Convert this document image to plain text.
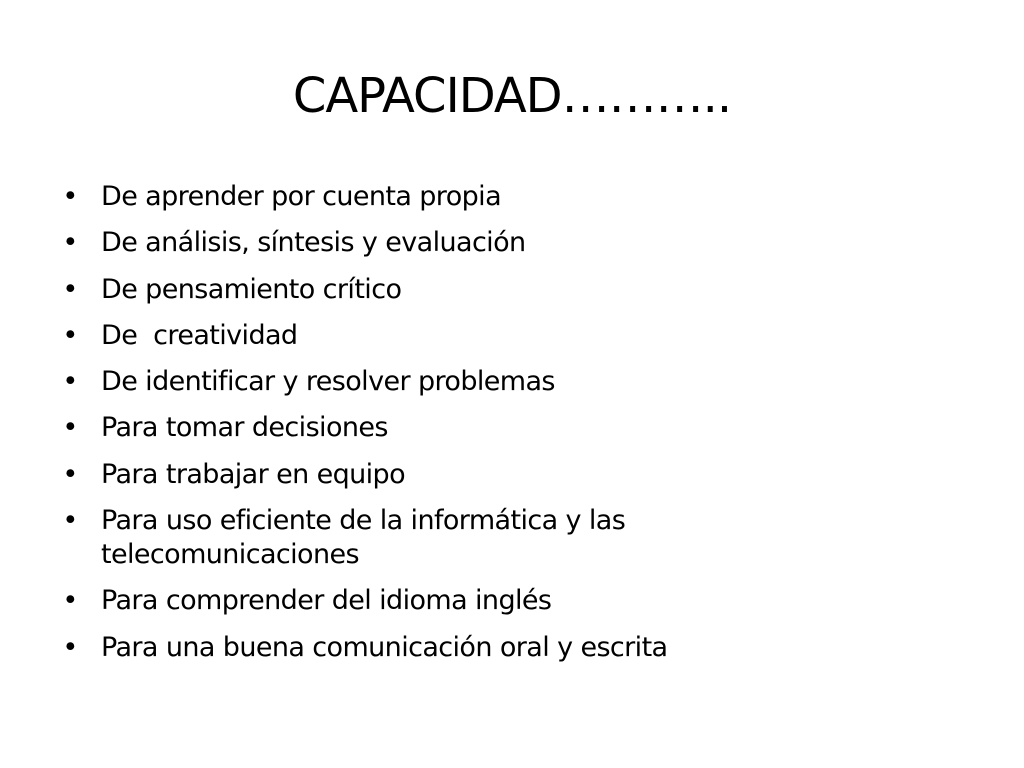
CAPACIDAD………..
• De aprender por cuenta propia
• De análisis, síntesis y evaluación
• De pensamiento crítico
• De  creatividad
• De identificar y resolver problemas
• Para tomar decisiones
• Para trabajar en equipo
• Para uso eficiente de la informática y las
telecomunicaciones
• Para comprender del idioma inglés
• Para una buena comunicación oral y escrita
